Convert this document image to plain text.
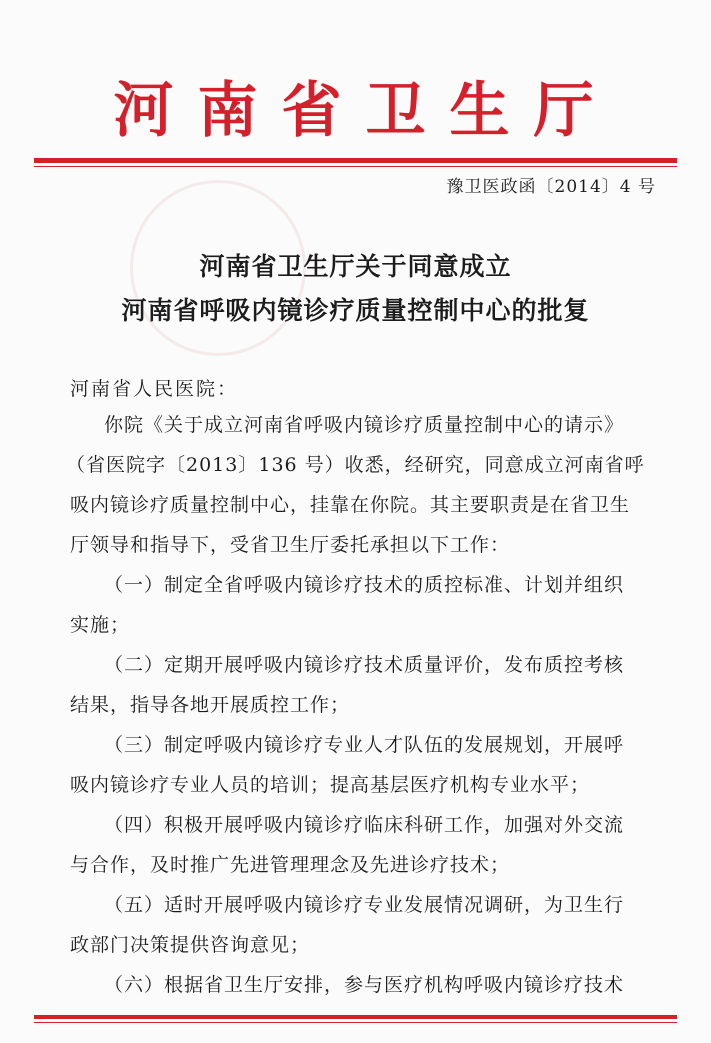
河南省卫生厅
豫卫医政函〔2014〕4 号
河南省卫生厅关于同意成立
河南省呼吸内镜诊疗质量控制中心的批复
河南省人民医院：
你院《关于成立河南省呼吸内镜诊疗质量控制中心的请示》
（省医院字〔2013〕136 号）收悉，经研究，同意成立河南省呼
吸内镜诊疗质量控制中心，挂靠在你院。其主要职责是在省卫生
厅领导和指导下，受省卫生厅委托承担以下工作：
（一）制定全省呼吸内镜诊疗技术的质控标准、计划并组织
实施；
（二）定期开展呼吸内镜诊疗技术质量评价，发布质控考核
结果，指导各地开展质控工作；
（三）制定呼吸内镜诊疗专业人才队伍的发展规划，开展呼
吸内镜诊疗专业人员的培训；提高基层医疗机构专业水平；
（四）积极开展呼吸内镜诊疗临床科研工作，加强对外交流
与合作，及时推广先进管理理念及先进诊疗技术；
（五）适时开展呼吸内镜诊疗专业发展情况调研，为卫生行
政部门决策提供咨询意见；
（六）根据省卫生厅安排，参与医疗机构呼吸内镜诊疗技术
